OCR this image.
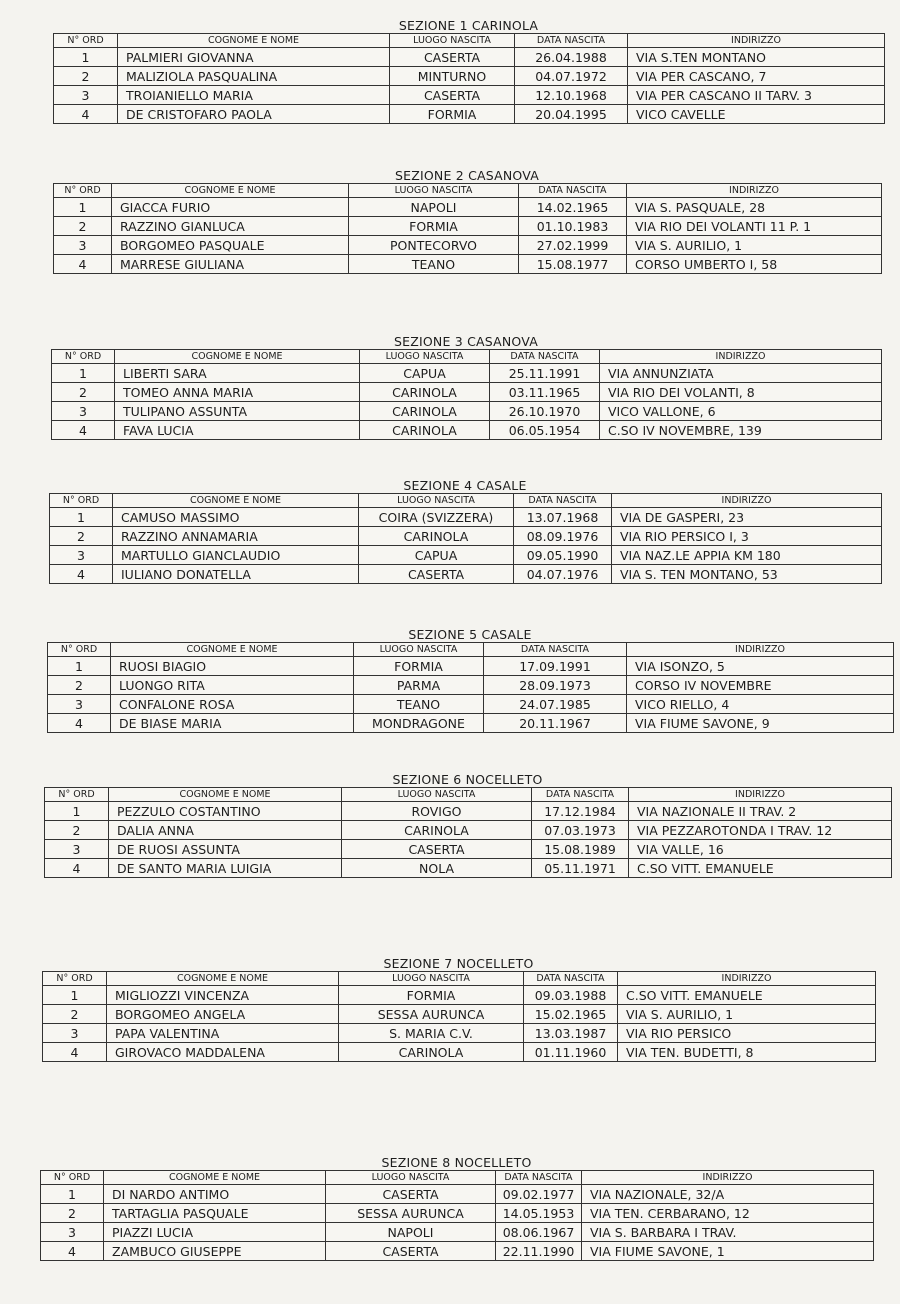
SEZIONE 1 CARINOLA
N° ORD	COGNOME E NOME	LUOGO NASCITA	DATA NASCITA	INDIRIZZO
1	PALMIERI GIOVANNA	CASERTA	26.04.1988	VIA S.TEN MONTANO
2	MALIZIOLA PASQUALINA	MINTURNO	04.07.1972	VIA PER CASCANO, 7
3	TROIANIELLO MARIA	CASERTA	12.10.1968	VIA PER CASCANO II TARV. 3
4	DE CRISTOFARO PAOLA	FORMIA	20.04.1995	VICO CAVELLE
SEZIONE 2 CASANOVA
N° ORD	COGNOME E NOME	LUOGO NASCITA	DATA NASCITA	INDIRIZZO
1	GIACCA FURIO	NAPOLI	14.02.1965	VIA S. PASQUALE, 28
2	RAZZINO GIANLUCA	FORMIA	01.10.1983	VIA RIO DEI VOLANTI 11 P. 1
3	BORGOMEO PASQUALE	PONTECORVO	27.02.1999	VIA S. AURILIO, 1
4	MARRESE GIULIANA	TEANO	15.08.1977	CORSO UMBERTO I, 58
SEZIONE 3 CASANOVA
N° ORD	COGNOME E NOME	LUOGO NASCITA	DATA NASCITA	INDIRIZZO
1	LIBERTI SARA	CAPUA	25.11.1991	VIA ANNUNZIATA
2	TOMEO ANNA MARIA	CARINOLA	03.11.1965	VIA RIO DEI VOLANTI, 8
3	TULIPANO ASSUNTA	CARINOLA	26.10.1970	VICO VALLONE, 6
4	FAVA LUCIA	CARINOLA	06.05.1954	C.SO IV NOVEMBRE, 139
SEZIONE 4 CASALE
N° ORD	COGNOME E NOME	LUOGO NASCITA	DATA NASCITA	INDIRIZZO
1	CAMUSO MASSIMO	COIRA (SVIZZERA)	13.07.1968	VIA DE GASPERI, 23
2	RAZZINO ANNAMARIA	CARINOLA	08.09.1976	VIA RIO PERSICO I, 3
3	MARTULLO GIANCLAUDIO	CAPUA	09.05.1990	VIA NAZ.LE APPIA KM 180
4	IULIANO DONATELLA	CASERTA	04.07.1976	VIA S. TEN MONTANO, 53
SEZIONE 5 CASALE
N° ORD	COGNOME E NOME	LUOGO NASCITA	DATA NASCITA	INDIRIZZO
1	RUOSI BIAGIO	FORMIA	17.09.1991	VIA ISONZO, 5
2	LUONGO RITA	PARMA	28.09.1973	CORSO IV NOVEMBRE
3	CONFALONE ROSA	TEANO	24.07.1985	VICO RIELLO, 4
4	DE BIASE MARIA	MONDRAGONE	20.11.1967	VIA FIUME SAVONE, 9
SEZIONE 6 NOCELLETO
N° ORD	COGNOME E NOME	LUOGO NASCITA	DATA NASCITA	INDIRIZZO
1	PEZZULO COSTANTINO	ROVIGO	17.12.1984	VIA NAZIONALE II TRAV. 2
2	DALIA ANNA	CARINOLA	07.03.1973	VIA PEZZAROTONDA I TRAV. 12
3	DE RUOSI ASSUNTA	CASERTA	15.08.1989	VIA VALLE, 16
4	DE SANTO MARIA LUIGIA	NOLA	05.11.1971	C.SO VITT. EMANUELE
SEZIONE 7 NOCELLETO
N° ORD	COGNOME E NOME	LUOGO NASCITA	DATA NASCITA	INDIRIZZO
1	MIGLIOZZI VINCENZA	FORMIA	09.03.1988	C.SO VITT. EMANUELE
2	BORGOMEO ANGELA	SESSA AURUNCA	15.02.1965	VIA S. AURILIO, 1
3	PAPA VALENTINA	S. MARIA C.V.	13.03.1987	VIA RIO PERSICO
4	GIROVACO MADDALENA	CARINOLA	01.11.1960	VIA TEN. BUDETTI, 8
SEZIONE 8 NOCELLETO
N° ORD	COGNOME E NOME	LUOGO NASCITA	DATA NASCITA	INDIRIZZO
1	DI NARDO ANTIMO	CASERTA	09.02.1977	VIA NAZIONALE, 32/A
2	TARTAGLIA PASQUALE	SESSA AURUNCA	14.05.1953	VIA TEN. CERBARANO, 12
3	PIAZZI LUCIA	NAPOLI	08.06.1967	VIA S. BARBARA I TRAV.
4	ZAMBUCO GIUSEPPE	CASERTA	22.11.1990	VIA FIUME SAVONE, 1
